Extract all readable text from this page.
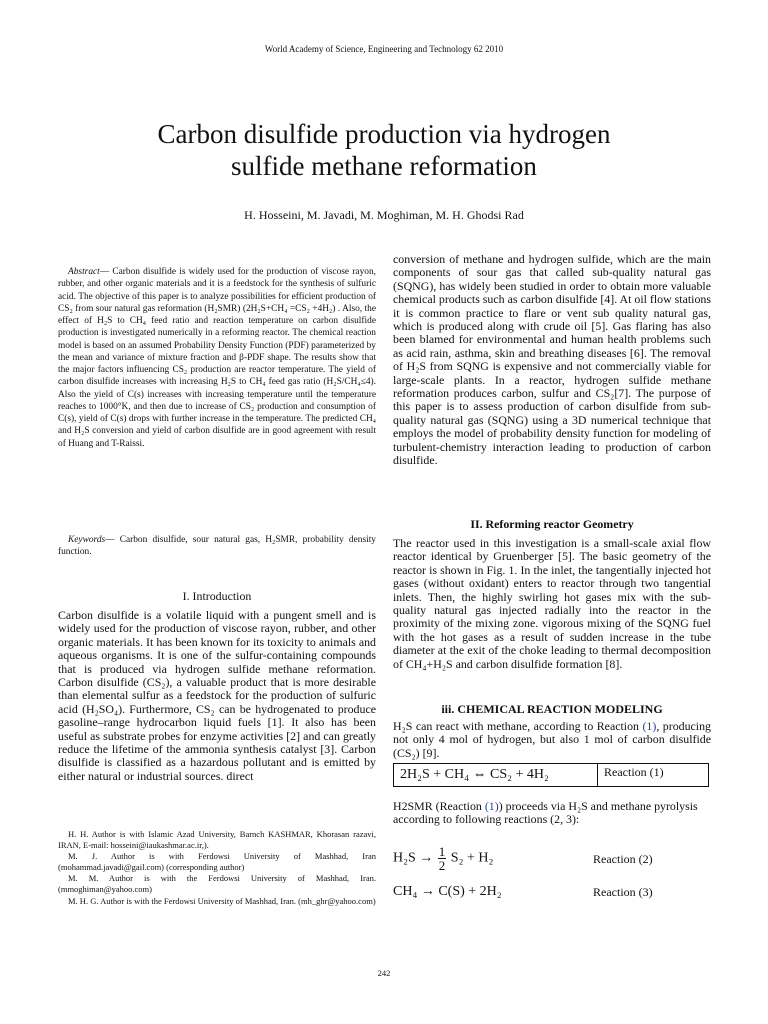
World Academy of Science, Engineering and Technology 62 2010
Carbon disulfide production via hydrogen
sulfide methane reformation
H. Hosseini, M. Javadi, M. Moghiman, M. H. Ghodsi Rad
Abstract— Carbon disulfide is widely used for the production of viscose rayon, rubber, and other organic materials and it is a feedstock for the synthesis of sulfuric acid. The objective of this paper is to analyze possibilities for efficient production of CS₂ from sour natural gas reformation (H₂SMR) (2H₂S+CH₄ =CS₂ +4H₂) . Also, the effect of H₂S to CH₄ feed ratio and reaction temperature on carbon disulfide production is investigated numerically in a reforming reactor. The chemical reaction model is based on an assumed Probability Density Function (PDF) parameterized by the mean and variance of mixture fraction and β-PDF shape. The results show that the major factors influencing CS₂ production are reactor temperature. The yield of carbon disulfide increases with increasing H₂S to CH₄ feed gas ratio (H₂S/CH₄≤4). Also the yield of C(s) increases with increasing temperature until the temperature reaches to 1000°K, and then due to increase of CS₂ production and consumption of C(s), yield of C(s) drops with further increase in the temperature. The predicted CH₄ and H₂S conversion and yield of carbon disulfide are in good agreement with result of Huang and T-Raissi.
Keywords— Carbon disulfide, sour natural gas, H₂SMR, probability density function.
I. Introduction
Carbon disulfide is a volatile liquid with a pungent smell and is widely used for the production of viscose rayon, rubber, and other organic materials. It has been known for its toxicity to animals and aqueous organisms. It is one of the sulfur-containing compounds that is produced via hydrogen sulfide methane reformation. Carbon disulfide (CS₂), a valuable product that is more desirable than elemental sulfur as a feedstock for the production of sulfuric acid (H₂SO₄). Furthermore, CS₂ can be hydrogenated to produce gasoline–range hydrocarbon liquid fuels [1]. It also has been useful as substrate probes for enzyme activities [2] and can greatly reduce the lifetime of the ammonia synthesis catalyst [3]. Carbon disulfide is classified as a hazardous pollutant and is emitted by either natural or industrial sources. direct

H. H. Author is with Islamic Azad University, Barnch KASHMAR, Khorasan razavi, IRAN, E-mail: hosseini@iaukashmar.ac.ir,).

M. J. Author is with Ferdowsi University of Mashhad, Iran (mohammad.javadi@gail.com) (corresponding author)

M. M. Author is with the Ferdowsi University of Mashhad, Iran. (mmoghiman@yahoo.com)

M. H. G. Author is with the Ferdowsi University of Mashhad, Iran. (mh_ghr@yahoo.com)

conversion of methane and hydrogen sulfide, which are the main components of sour gas that called sub-quality natural gas (SQNG), has widely been studied in order to obtain more valuable chemical products such as carbon disulfide [4]. At oil flow stations it is common practice to flare or vent sub quality natural gas, which is produced along with crude oil [5]. Gas flaring has also been blamed for environmental and human health problems such as acid rain, asthma, skin and breathing diseases [6]. The removal of H₂S from SQNG is expensive and not commercially viable for large-scale plants. In a reactor, hydrogen sulfide methane reformation produces carbon, sulfur and CS₂[7]. The purpose of this paper is to assess production of carbon disulfide from sub-quality natural gas (SQNG) using a 3D numerical technique that employs the model of probability density function for modeling of turbulent-chemistry interaction leading to production of carbon disulfide.
II. Reforming reactor Geometry
The reactor used in this investigation is a small-scale axial flow reactor identical by Gruenberger [5]. The basic geometry of the reactor is shown in Fig. 1. In the inlet, the tangentially injected hot gases (without oxidant) enters to reactor through two tangential inlets. Then, the highly swirling hot gases mix with the sub-quality natural gas injected radially into the reactor in the proximity of the mixing zone. vigorous mixing of the SQNG fuel with the hot gases as a result of sudden increase in the tube diameter at the exit of the choke leading to thermal decomposition of CH₄+H₂S and carbon disulfide formation [8].
iii. CHEMICAL REACTION MODELING
H₂S can react with methane, according to Reaction (1), producing not only 4 mol of hydrogen, but also 1 mol of carbon disulfide (CS₂) [9].
2H₂S + CH₄ ⇔ CS₂ + 4H₂	Reaction (1)
H2SMR (Reaction (1)) proceeds via H₂S and methane pyrolysis according to following reactions (2, 3):
$H_2S \to \frac{1}{2} S_2 + H_2$	Reaction (2)
CH₄ → C(S) + 2H₂	Reaction (3)
242
